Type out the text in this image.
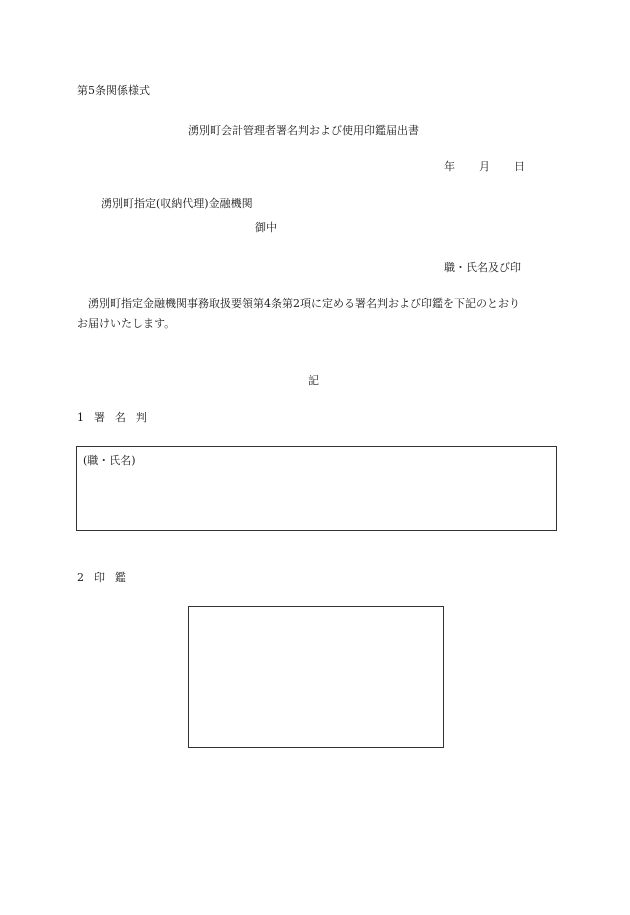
第5条関係様式
湧別町会計管理者署名判および使用印鑑届出書
年 月 日
湧別町指定(収納代理)金融機関
御中
職・氏名及び印
湧別町指定金融機関事務取扱要領第4条第2項に定める署名判および印鑑を下記のとおり
お届けいたします。
記
1 署名判
(職・氏名)
2 印鑑
